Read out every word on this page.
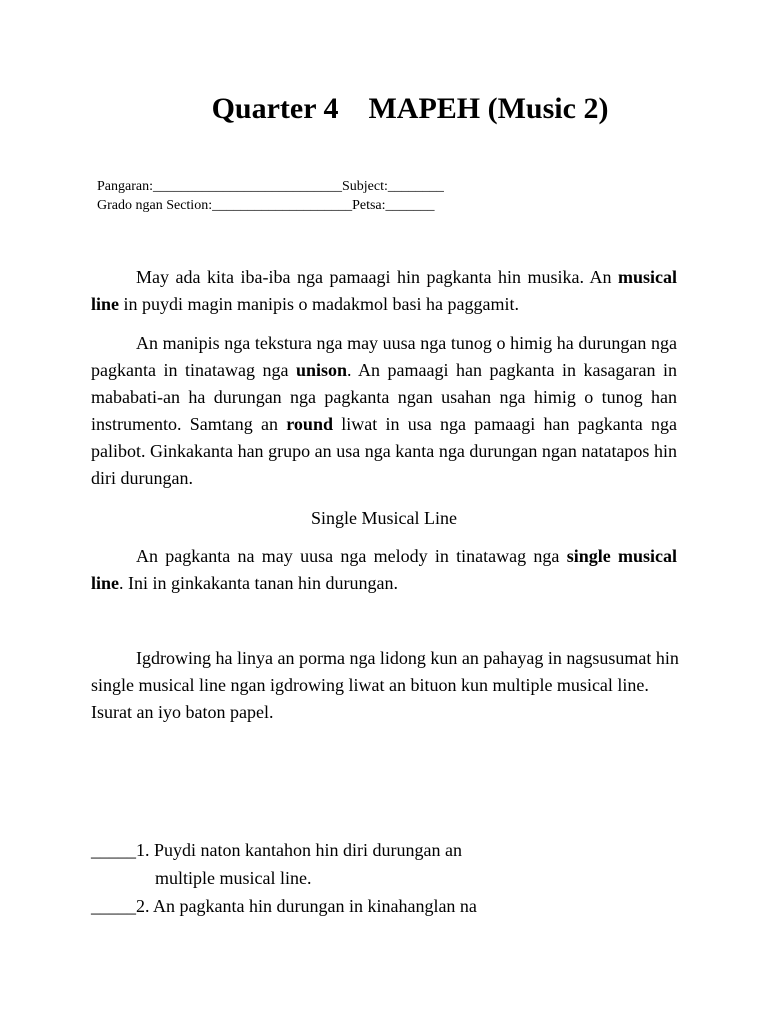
Quarter 4    MAPEH (Music 2)
Pangaran:___________________________Subject:________
Grado ngan Section:____________________Petsa:_______
May ada kita iba-iba nga pamaagi hin pagkanta hin musika. An musical line in puydi magin manipis o madakmol basi ha paggamit.
An manipis nga tekstura nga may uusa nga tunog o himig ha durungan nga pagkanta in tinatawag nga unison. An pamaagi han pagkanta in kasagaran in mababati-an ha durungan nga pagkanta ngan usahan nga himig o tunog han instrumento. Samtang an round liwat in usa nga pamaagi han pagkanta nga palibot. Ginkakanta han grupo an usa nga kanta nga durungan ngan natatapos hin diri durungan.
Single Musical Line
An pagkanta na may uusa nga melody in tinatawag nga single musical line. Ini in ginkakanta tanan hin durungan.
Igdrowing ha linya an porma nga lidong kun an pahayag in nagsusumat hin single musical line ngan igdrowing liwat an bituon kun multiple musical line. Isurat an iyo baton papel.
_____1. Puydi naton kantahon hin diri durungan an
multiple musical line.
_____2. An pagkanta hin durungan in kinahanglan na
